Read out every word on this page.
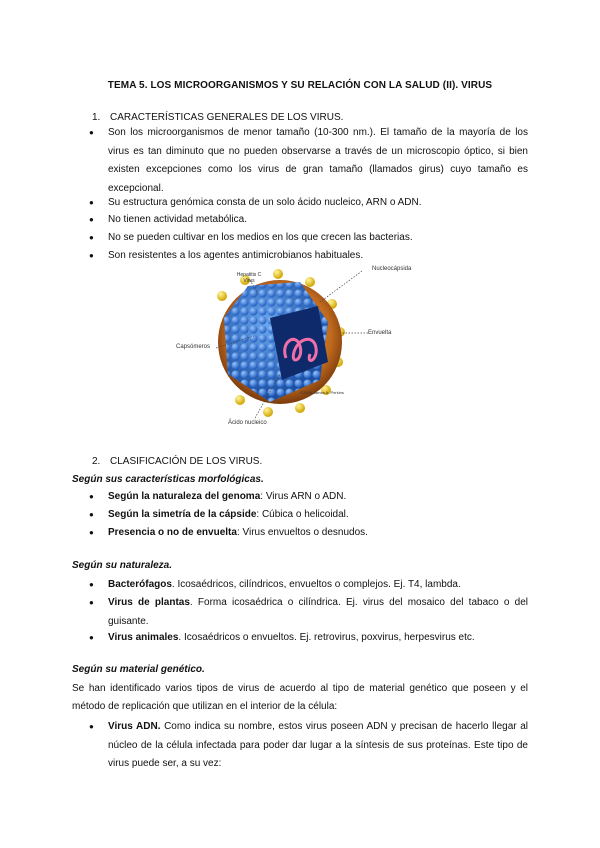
TEMA 5. LOS MICROORGANISMOS Y SU RELACIÓN CON LA SALUD (II). VIRUS
1. CARACTERÍSTICAS GENERALES DE LOS VIRUS.
● Son los microorganismos de menor tamaño (10-300 nm.). El tamaño de la mayoría de los virus es tan diminuto que no pueden observarse a través de un microscopio óptico, si bien existen excepciones como los virus de gran tamaño (llamados girus) cuyo tamaño es excepcional.
● Su estructura genómica consta de un solo ácido nucleico, ARN o ADN.
● No tienen actividad metabólica.
● No se pueden cultivar en los medios en los que crecen las bacterias.
● Son resistentes a los agentes antimicrobianos habituales.
Hepatitis C Virus
Nucleocápsida
Envuelta
Capsómeros
Ácido nucleico
©2006 James A. Perkins
2. CLASIFICACIÓN DE LOS VIRUS.
Según sus características morfológicas.
● Según la naturaleza del genoma: Virus ARN o ADN.
● Según la simetría de la cápside: Cúbica o helicoidal.
● Presencia o no de envuelta: Virus envueltos o desnudos.
Según su naturaleza.
● Bacterófagos. Icosaédricos, cilíndricos, envueltos o complejos. Ej. T4, lambda.
● Virus de plantas. Forma icosaédrica o cilíndrica. Ej. virus del mosaico del tabaco o del guisante.
● Virus animales. Icosaédricos o envueltos. Ej. retrovirus, poxvirus, herpesvirus etc.
Según su material genético.
Se han identificado varios tipos de virus de acuerdo al tipo de material genético que poseen y el método de replicación que utilizan en el interior de la célula:
● Virus ADN. Como indica su nombre, estos virus poseen ADN y precisan de hacerlo llegar al núcleo de la célula infectada para poder dar lugar a la síntesis de sus proteínas. Este tipo de virus puede ser, a su vez:
